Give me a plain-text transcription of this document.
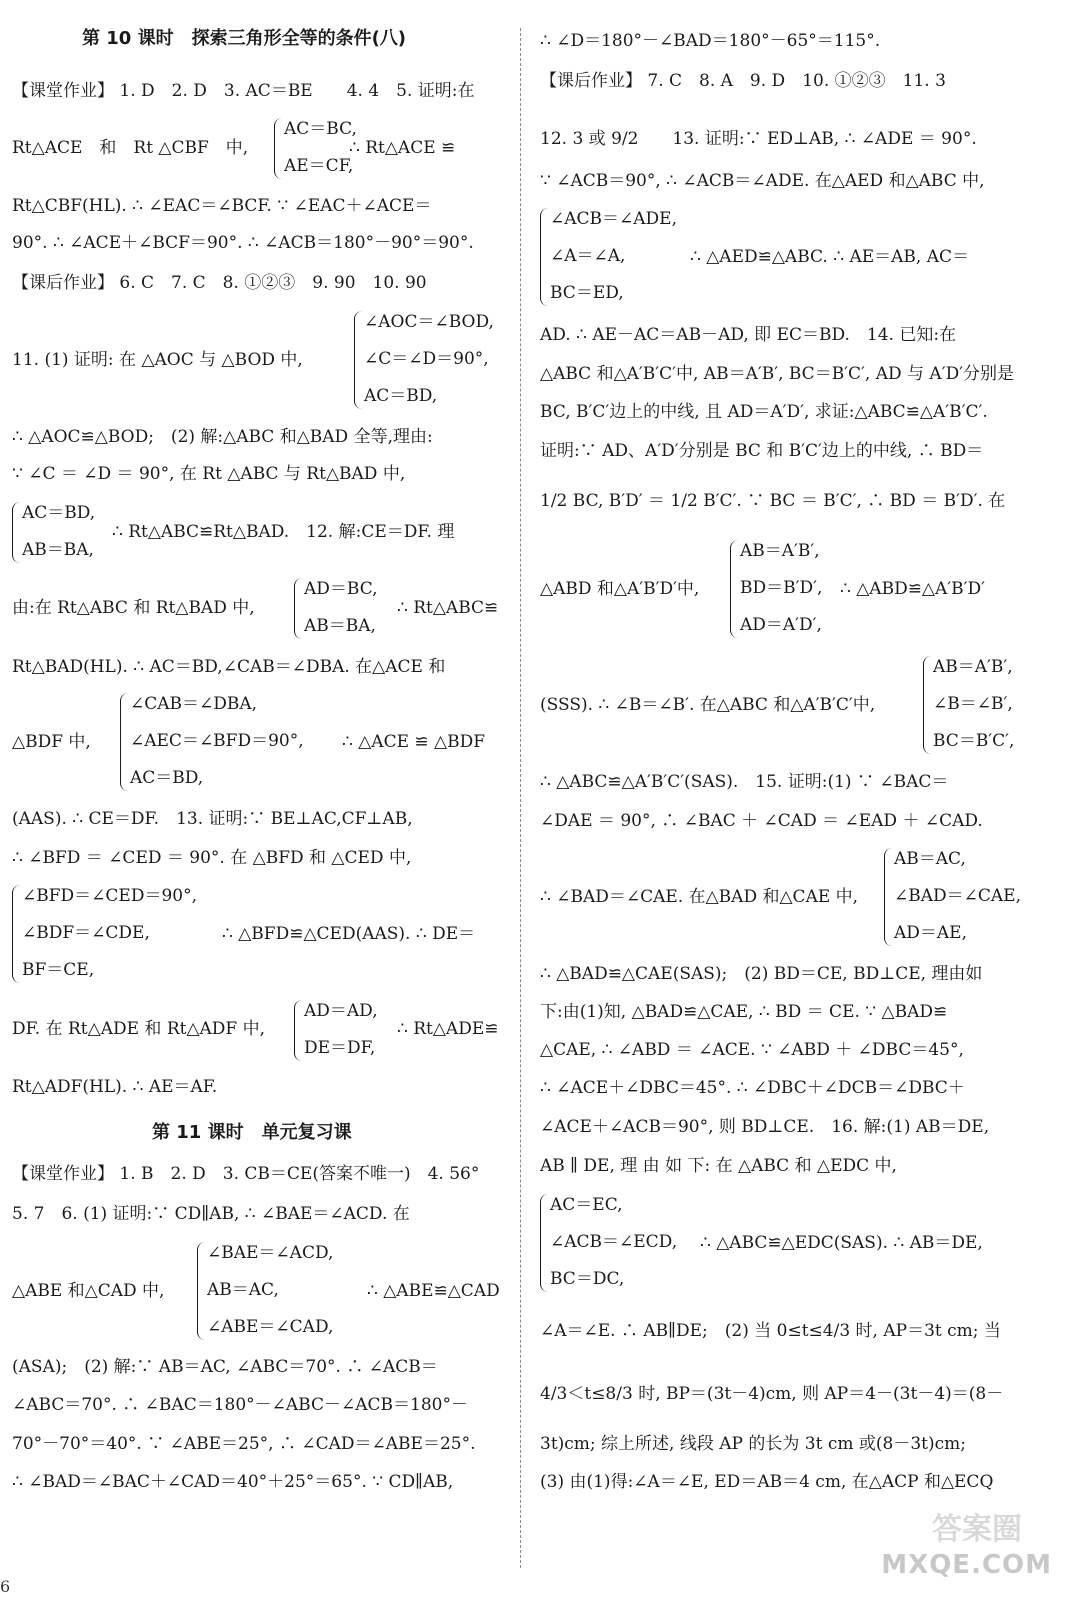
第 10 课时　探索三角形全等的条件(八)
【课堂作业】 1. D　2. D　3. AC＝BE　　4. 4　5. 证明:在
Rt△ACE　和　Rt △CBF　中,	∴ Rt△ACE ≌
Rt△CBF(HL). ∴ ∠EAC＝∠BCF. ∵ ∠EAC＋∠ACE＝
90°. ∴ ∠ACE＋∠BCF＝90°. ∴ ∠ACB＝180°－90°＝90°.
【课后作业】 6. C　7. C　8. ①②③　9. 90　10. 90
11. (1) 证明: 在 △AOC 与 △BOD 中,
∴ △AOC≌△BOD;　(2) 解:△ABC 和△BAD 全等,理由:
∵ ∠C ＝ ∠D ＝ 90°, 在 Rt △ABC 与 Rt△BAD 中,
∴ Rt△ABC≌Rt△BAD.　12. 解:CE＝DF. 理
由:在 Rt△ABC 和 Rt△BAD 中,	∴ Rt△ABC≌
Rt△BAD(HL). ∴ AC＝BD,∠CAB＝∠DBA. 在△ACE 和
△BDF 中,	∴ △ACE ≌ △BDF
(AAS). ∴ CE＝DF.　13. 证明:∵ BE⊥AC,CF⊥AB,
∴ ∠BFD ＝ ∠CED ＝ 90°. 在 △BFD 和 △CED 中,
∴ △BFD≌△CED(AAS). ∴ DE＝
DF. 在 Rt△ADE 和 Rt△ADF 中,	∴ Rt△ADE≌
Rt△ADF(HL). ∴ AE＝AF.
第 11 课时　单元复习课
【课堂作业】 1. B　2. D　3. CB＝CE(答案不唯一)　4. 56°
5. 7　6. (1) 证明:∵ CD∥AB, ∴ ∠BAE＝∠ACD. 在
△ABE 和△CAD 中,	∴ △ABE≌△CAD
(ASA);　(2) 解:∵ AB＝AC, ∠ABC＝70°. ∴ ∠ACB＝
∠ABC＝70°. ∴ ∠BAC＝180°－∠ABC－∠ACB＝180°－
70°－70°＝40°. ∵ ∠ABE＝25°, ∴ ∠CAD＝∠ABE＝25°.
∴ ∠BAD＝∠BAC＋∠CAD＝40°＋25°＝65°. ∵ CD∥AB,
AC＝BC,
AE＝CF,
∠AOC＝∠BOD,
∠C＝∠D＝90°,
AC＝BD,
AC＝BD,
AB＝BA,
AD＝BC,
AB＝BA,
∠CAB＝∠DBA,
∠AEC＝∠BFD＝90°,
AC＝BD,
∠BFD＝∠CED＝90°,
∠BDF＝∠CDE,
BF＝CE,
AD＝AD,
DE＝DF,
∠BAE＝∠ACD,
AB＝AC,
∠ABE＝∠CAD,
∴ ∠D＝180°－∠BAD＝180°－65°＝115°.
【课后作业】 7. C　8. A　9. D　10. ①②③　11. 3
12. 3 或 9/2　　13. 证明:∵ ED⊥AB, ∴ ∠ADE ＝ 90°.
∵ ∠ACB＝90°, ∴ ∠ACB＝∠ADE. 在△AED 和△ABC 中,
∴ △AED≌△ABC. ∴ AE＝AB, AC＝
AD. ∴ AE－AC＝AB－AD, 即 EC＝BD.　14. 已知:在
△ABC 和△A′B′C′中, AB＝A′B′, BC＝B′C′, AD 与 A′D′分别是
BC, B′C′边上的中线, 且 AD＝A′D′, 求证:△ABC≌△A′B′C′.
证明:∵ AD、A′D′分别是 BC 和 B′C′边上的中线, ∴ BD＝
1/2 BC, B′D′ ＝ 1/2 B′C′. ∵ BC ＝ B′C′, ∴ BD ＝ B′D′. 在
△ABD 和△A′B′D′中,	∴ △ABD≌△A′B′D′
(SSS). ∴ ∠B＝∠B′. 在△ABC 和△A′B′C′中,
∴ △ABC≌△A′B′C′(SAS).　15. 证明:(1) ∵ ∠BAC＝
∠DAE ＝ 90°, ∴ ∠BAC ＋ ∠CAD ＝ ∠EAD ＋ ∠CAD.
∴ ∠BAD＝∠CAE. 在△BAD 和△CAE 中,
∴ △BAD≌△CAE(SAS);　(2) BD＝CE, BD⊥CE, 理由如
下:由(1)知, △BAD≌△CAE, ∴ BD ＝ CE. ∵ △BAD≌
△CAE, ∴ ∠ABD ＝ ∠ACE. ∵ ∠ABD ＋ ∠DBC＝45°,
∴ ∠ACE＋∠DBC＝45°. ∴ ∠DBC＋∠DCB＝∠DBC＋
∠ACE＋∠ACB＝90°, 则 BD⊥CE.　16. 解:(1) AB＝DE,
AB ∥ DE, 理 由 如 下: 在 △ABC 和 △EDC 中,
∴ △ABC≌△EDC(SAS). ∴ AB＝DE,
∠A＝∠E. ∴ AB∥DE;　(2) 当 0≤t≤4/3 时, AP＝3t cm; 当
4/3＜t≤8/3 时, BP＝(3t－4)cm, 则 AP＝4－(3t－4)＝(8－
3t)cm; 综上所述, 线段 AP 的长为 3t cm 或(8－3t)cm;
(3) 由(1)得:∠A＝∠E, ED＝AB＝4 cm, 在△ACP 和△ECQ
∠ACB＝∠ADE,
∠A＝∠A,
BC＝ED,
AB＝A′B′,
BD＝B′D′,
AD＝A′D′,
AB＝A′B′,
∠B＝∠B′,
BC＝B′C′,
AB＝AC,
∠BAD＝∠CAE,
AD＝AE,
AC＝EC,
∠ACB＝∠ECD,
BC＝DC,
答案圈
MXQE.COM
6
